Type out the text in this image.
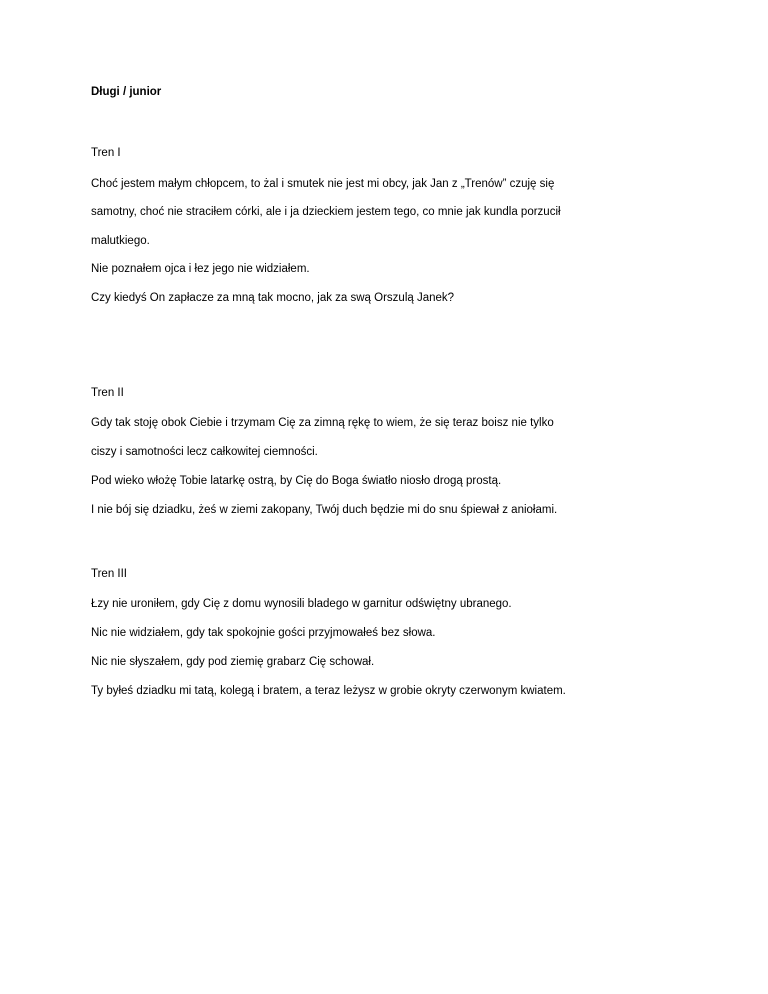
Długi / junior
Tren I
Choć jestem małym chłopcem, to żal i smutek nie jest mi obcy, jak Jan z „Trenów” czuję się
samotny, choć nie straciłem córki, ale i ja dzieckiem jestem tego, co mnie jak kundla porzucił
malutkiego.
Nie poznałem ojca i łez jego nie widziałem.
Czy kiedyś On zapłacze za mną tak mocno, jak za swą Orszulą Janek?
Tren II
Gdy tak stoję obok Ciebie i trzymam Cię za zimną rękę to wiem, że się teraz boisz nie tylko
ciszy i samotności lecz całkowitej ciemności.
Pod wieko włożę Tobie latarkę ostrą, by Cię do Boga światło niosło drogą prostą.
I nie bój się dziadku, żeś w ziemi zakopany, Twój duch będzie mi do snu śpiewał z aniołami.
Tren III
Łzy nie uroniłem, gdy Cię z domu wynosili bladego w garnitur odświętny ubranego.
Nic nie widziałem, gdy tak spokojnie gości przyjmowałeś bez słowa.
Nic nie słyszałem, gdy pod ziemię grabarz Cię schował.
Ty byłeś dziadku mi tatą, kolegą i bratem, a teraz leżysz w grobie okryty czerwonym kwiatem.
